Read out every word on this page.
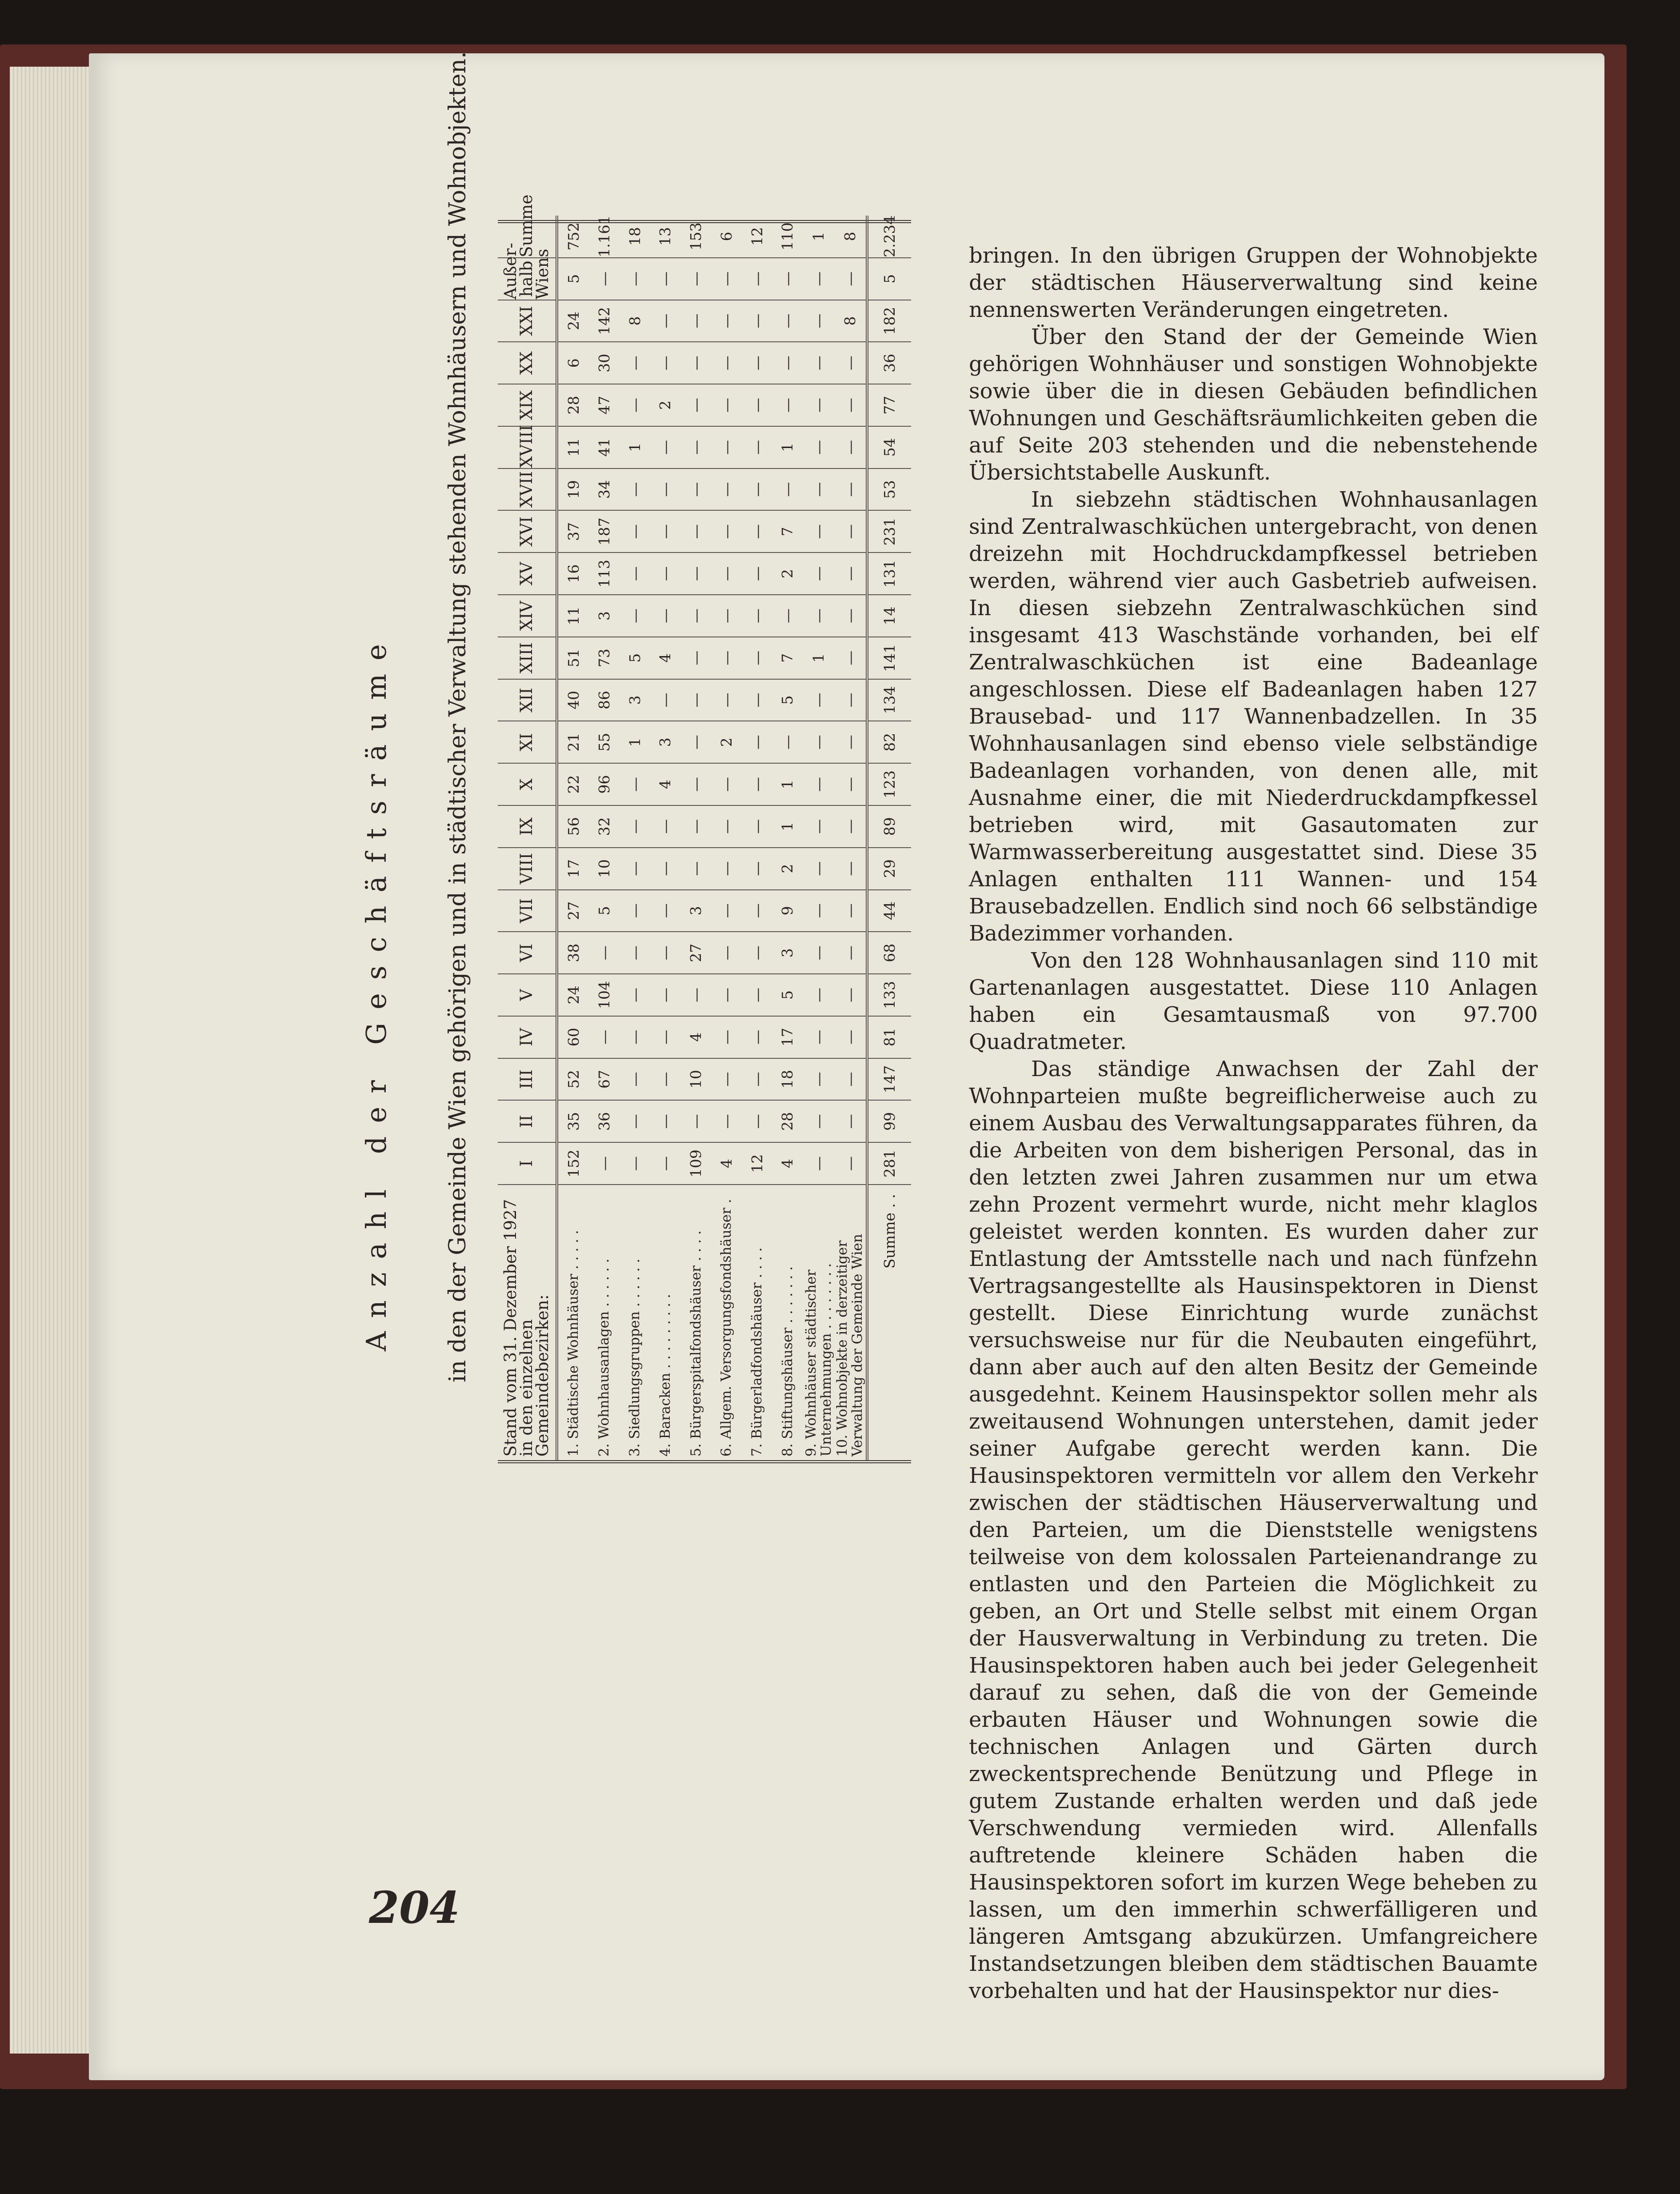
Anzahl der Geschäftsräume in den der Gemeinde Wien gehörigen und in städtischer Verwaltung stehenden Wohnhäusern und Wohnobjekten. Stand vom 31. Dezember 1927 in den einzelnen Gemeindebezirken:	I	II	III	IV	V	VI	VII	VIII	IX	X	XI	XII	XIII	XIV	XV	XVI	XVII	XVIII	XIX	XX	XXI	Außer-halb Wiens	Summe
1. Städtische Wohnhäuser . . . . .	152	35	52	60	24	38	27	17	56	22	21	40	51	11	16	37	19	11	28	6	24	5	752
2. Wohnhausanlagen . . . . . .	—	36	67	—	104	—	5	10	32	96	55	86	73	3	113	187	34	41	47	30	142	—	1.161
3. Siedlungsgruppen . . . . . .	—	—	—	—	—	—	—	—	—	—	1	3	5	—	—	—	—	1	—	—	8	—	18
4. Baracken . . . . . . . . .	—	—	—	—	—	—	—	—	—	4	3	—	4	—	—	—	—	—	2	—	—	—	13
5. Bürgerspitalfondshäuser . . . .	109	—	10	4	—	27	3	—	—	—	—	—	—	—	—	—	—	—	—	—	—	—	153
6. Allgem. Versorgungsfondshäuser .	4	—	—	—	—	—	—	—	—	—	2	—	—	—	—	—	—	—	—	—	—	—	6
7. Bürgerladfondshäuser . . . .	12	—	—	—	—	—	—	—	—	—	—	—	—	—	—	—	—	—	—	—	—	—	12
8. Stiftungshäuser . . . . . . .	4	28	18	17	5	3	9	2	1	1	—	5	7	—	2	7	—	1	—	—	—	—	110
9. Wohnhäuser städtischer Unternehmungen . . . . . . . .	—	—	—	—	—	—	—	—	—	—	—	—	1	—	—	—	—	—	—	—	—	—	1
10. Wohnobjekte in derzeitiger Verwaltung der Gemeinde Wien	—	—	—	—	—	—	—	—	—	—	—	—	—	—	—	—	—	—	—	—	8	—	8
Summe . .	281	99	147	81	133	68	44	29	89	123	82	134	141	14	131	231	53	54	77	36	182	5	2.234	bringen. In den übrigen Gruppen der Wohnobjekte der städtischen Häuserverwaltung sind keine nennenswerten Veränderungen eingetreten.

Über den Stand der der Gemeinde Wien gehörigen Wohnhäuser und sonstigen Wohnobjekte sowie über die in diesen Gebäuden befindlichen Wohnungen und Geschäftsräumlichkeiten geben die auf Seite 203 stehenden und die nebenstehende Übersichtstabelle Auskunft.

In siebzehn städtischen Wohnhausanlagen sind Zentralwaschküchen untergebracht, von denen dreizehn mit Hochdruckdampfkessel betrieben werden, während vier auch Gasbetrieb aufweisen. In diesen siebzehn Zentralwaschküchen sind insgesamt 413 Waschstände vorhanden, bei elf Zentralwaschküchen ist eine Badeanlage angeschlossen. Diese elf Badeanlagen haben 127 Brausebad- und 117 Wannenbadzellen. In 35 Wohnhausanlagen sind ebenso viele selbständige Badeanlagen vorhanden, von denen alle, mit Ausnahme einer, die mit Niederdruckdampfkessel betrieben wird, mit Gasautomaten zur Warmwasserbereitung ausgestattet sind. Diese 35 Anlagen enthalten 111 Wannen- und 154 Brausebadzellen. Endlich sind noch 66 selbständige Badezimmer vorhanden.

Von den 128 Wohnhausanlagen sind 110 mit Gartenanlagen ausgestattet. Diese 110 Anlagen haben ein Gesamtausmaß von 97.700 Quadratmeter.

Das ständige Anwachsen der Zahl der Wohnparteien mußte begreiflicherweise auch zu einem Ausbau des Verwaltungsapparates führen, da die Arbeiten von dem bisherigen Personal, das in den letzten zwei Jahren zusammen nur um etwa zehn Prozent vermehrt wurde, nicht mehr klaglos geleistet werden konnten. Es wurden daher zur Entlastung der Amtsstelle nach und nach fünfzehn Vertragsangestellte als Hausinspektoren in Dienst gestellt. Diese Einrichtung wurde zunächst versuchsweise nur für die Neubauten eingeführt, dann aber auch auf den alten Besitz der Gemeinde ausgedehnt. Keinem Hausinspektor sollen mehr als zweitausend Wohnungen unterstehen, damit jeder seiner Aufgabe gerecht werden kann. Die Hausinspektoren vermitteln vor allem den Verkehr zwischen der städtischen Häuserverwaltung und den Parteien, um die Dienststelle wenigstens teilweise von dem kolossalen Parteienandrange zu entlasten und den Parteien die Möglichkeit zu geben, an Ort und Stelle selbst mit einem Organ der Hausverwaltung in Verbindung zu treten. Die Hausinspektoren haben auch bei jeder Gelegenheit darauf zu sehen, daß die von der Gemeinde erbauten Häuser und Wohnungen sowie die technischen Anlagen und Gärten durch zweckentsprechende Benützung und Pflege in gutem Zustande erhalten werden und daß jede Verschwendung vermieden wird. Allenfalls auftretende kleinere Schäden haben die Hausinspektoren sofort im kurzen Wege beheben zu lassen, um den immerhin schwerfälligeren und längeren Amtsgang abzukürzen. Umfangreichere Instandsetzungen bleiben dem städtischen Bauamte vorbehalten und hat der Hausinspektor nur dies-

204
